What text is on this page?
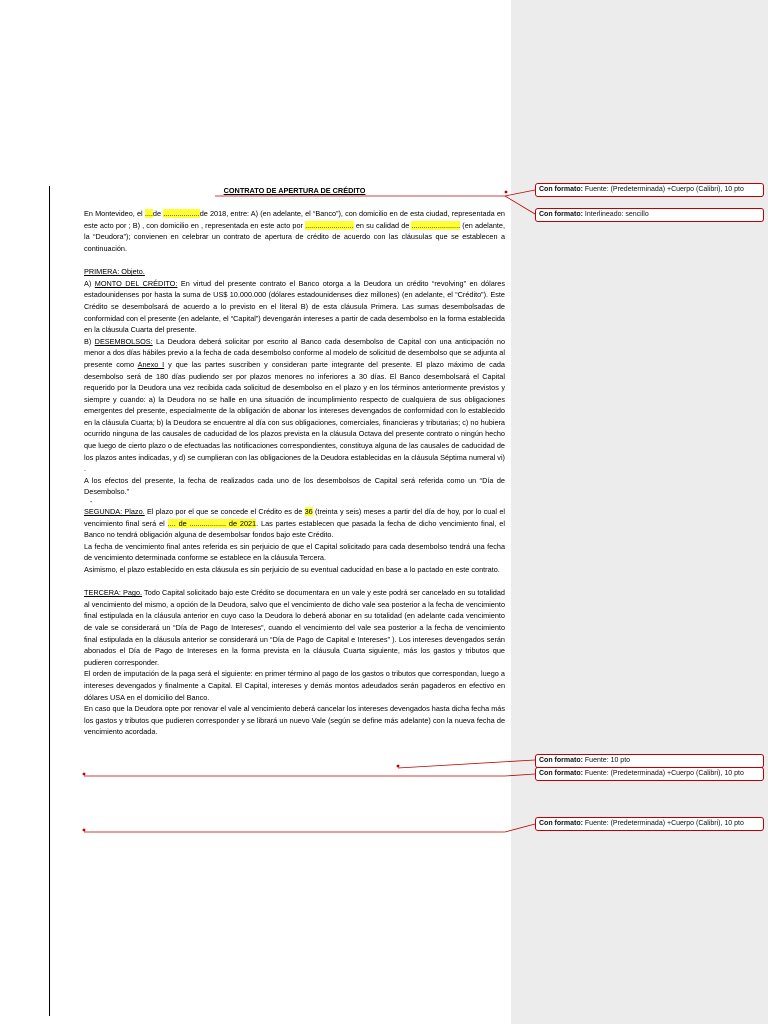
CONTRATO DE APERTURA DE CRÉDITO

En Montevideo, el ....de ..................de 2018, entre: A) (en adelante, el “Banco”), con domicilio en de esta ciudad, representada en este acto por ; B) , con domicilio en , representada en este acto por ........................ en su calidad de ........................ (en adelante, la “Deudora”); convienen en celebrar un contrato de apertura de crédito de acuerdo con las cláusulas que se establecen a continuación.

PRIMERA: Objeto.

A) MONTO DEL CRÉDITO: En virtud del presente contrato el Banco otorga a la Deudora un crédito “revolving” en dólares estadounidenses por hasta la suma de US$ 10.000.000 (dólares estadounidenses diez millones) (en adelante, el “Crédito”). Este Crédito se desembolsará de acuerdo a lo previsto en el literal B) de esta cláusula Primera. Las sumas desembolsadas de conformidad con el presente (en adelante, el “Capital”) devengarán intereses a partir de cada desembolso en la forma establecida en la cláusula Cuarta del presente.

B) DESEMBOLSOS: La Deudora deberá solicitar por escrito al Banco cada desembolso de Capital con una anticipación no menor a dos días hábiles previo a la fecha de cada desembolso conforme al modelo de solicitud de desembolso que se adjunta al presente como Anexo I y que las partes suscriben y consideran parte integrante del presente. El plazo máximo de cada desembolso será de 180 días pudiendo ser por plazos menores no inferiores a 30 días. El Banco desembolsará el Capital requerido por la Deudora una vez recibida cada solicitud de desembolso en el plazo y en los términos anteriormente previstos y siempre y cuando: a) la Deudora no se halle en una situación de incumplimiento respecto de cualquiera de sus obligaciones emergentes del presente, especialmente de la obligación de abonar los intereses devengados de conformidad con lo establecido en la cláusula Cuarta; b) la Deudora se encuentre al día con sus obligaciones, comerciales, financieras y tributarias; c) no hubiera ocurrido ninguna de las causales de caducidad de los plazos prevista en la cláusula Octava del presente contrato o ningún hecho que luego de cierto plazo o de efectuadas las notificaciones correspondientes, constituya alguna de las causales de caducidad de los plazos antes indicadas, y d) se cumplieran con las obligaciones de la Deudora establecidas en la cláusula Séptima numeral vi) .

A los efectos del presente, la fecha de realizados cada uno de los desembolsos de Capital será referida como un “Día de Desembolso.”

-

SEGUNDA: Plazo. El plazo por el que se concede el Crédito es de 36 (treinta y seis) meses a partir del día de hoy, por lo cual el vencimiento final será el .... de .................. de 2021. Las partes establecen que pasada la fecha de dicho vencimiento final, el Banco no tendrá obligación alguna de desembolsar fondos bajo este Crédito.

La fecha de vencimiento final antes referida es sin perjuicio de que el Capital solicitado para cada desembolso tendrá una fecha de vencimiento determinada conforme se establece en la cláusula Tercera.

Asimismo, el plazo establecido en esta cláusula es sin perjuicio de su eventual caducidad en base a lo pactado en este contrato.

TERCERA: Pago. Todo Capital solicitado bajo este Crédito se documentara en un vale y este podrá ser cancelado en su totalidad al vencimiento del mismo, a opción de la Deudora, salvo que el vencimiento de dicho vale sea posterior a la fecha de vencimiento final estipulada en la cláusula anterior en cuyo caso la Deudora lo deberá abonar en su totalidad (en adelante cada vencimiento de vale se considerará un “Día de Pago de Intereses”, cuando el vencimiento del vale sea posterior a la fecha de vencimiento final estipulada en la cláusula anterior se considerará un “Día de Pago de Capital e Intereses” ). Los intereses devengados serán abonados el Día de Pago de Intereses en la forma prevista en la cláusula Cuarta siguiente, más los gastos y tributos que pudieren corresponder.

El orden de imputación de la paga será el siguiente: en primer término al pago de los gastos o tributos que correspondan, luego a intereses devengados y finalmente a Capital. El Capital, intereses y demás montos adeudados serán pagaderos en efectivo en dólares USA en el domicilio del Banco.

En caso que la Deudora opte por renovar el vale al vencimiento deberá cancelar los intereses devengados hasta dicha fecha más los gastos y tributos que pudieren corresponder y se librará un nuevo Vale (según se define más adelante) con la nueva fecha de vencimiento acordada.

Con formato: Fuente: (Predeterminada) +Cuerpo (Calibri), 10 pto
Con formato: Interlineado: sencillo
Con formato: Fuente: 10 pto
Con formato: Fuente: (Predeterminada) +Cuerpo (Calibri), 10 pto
Con formato: Fuente: (Predeterminada) +Cuerpo (Calibri), 10 pto
